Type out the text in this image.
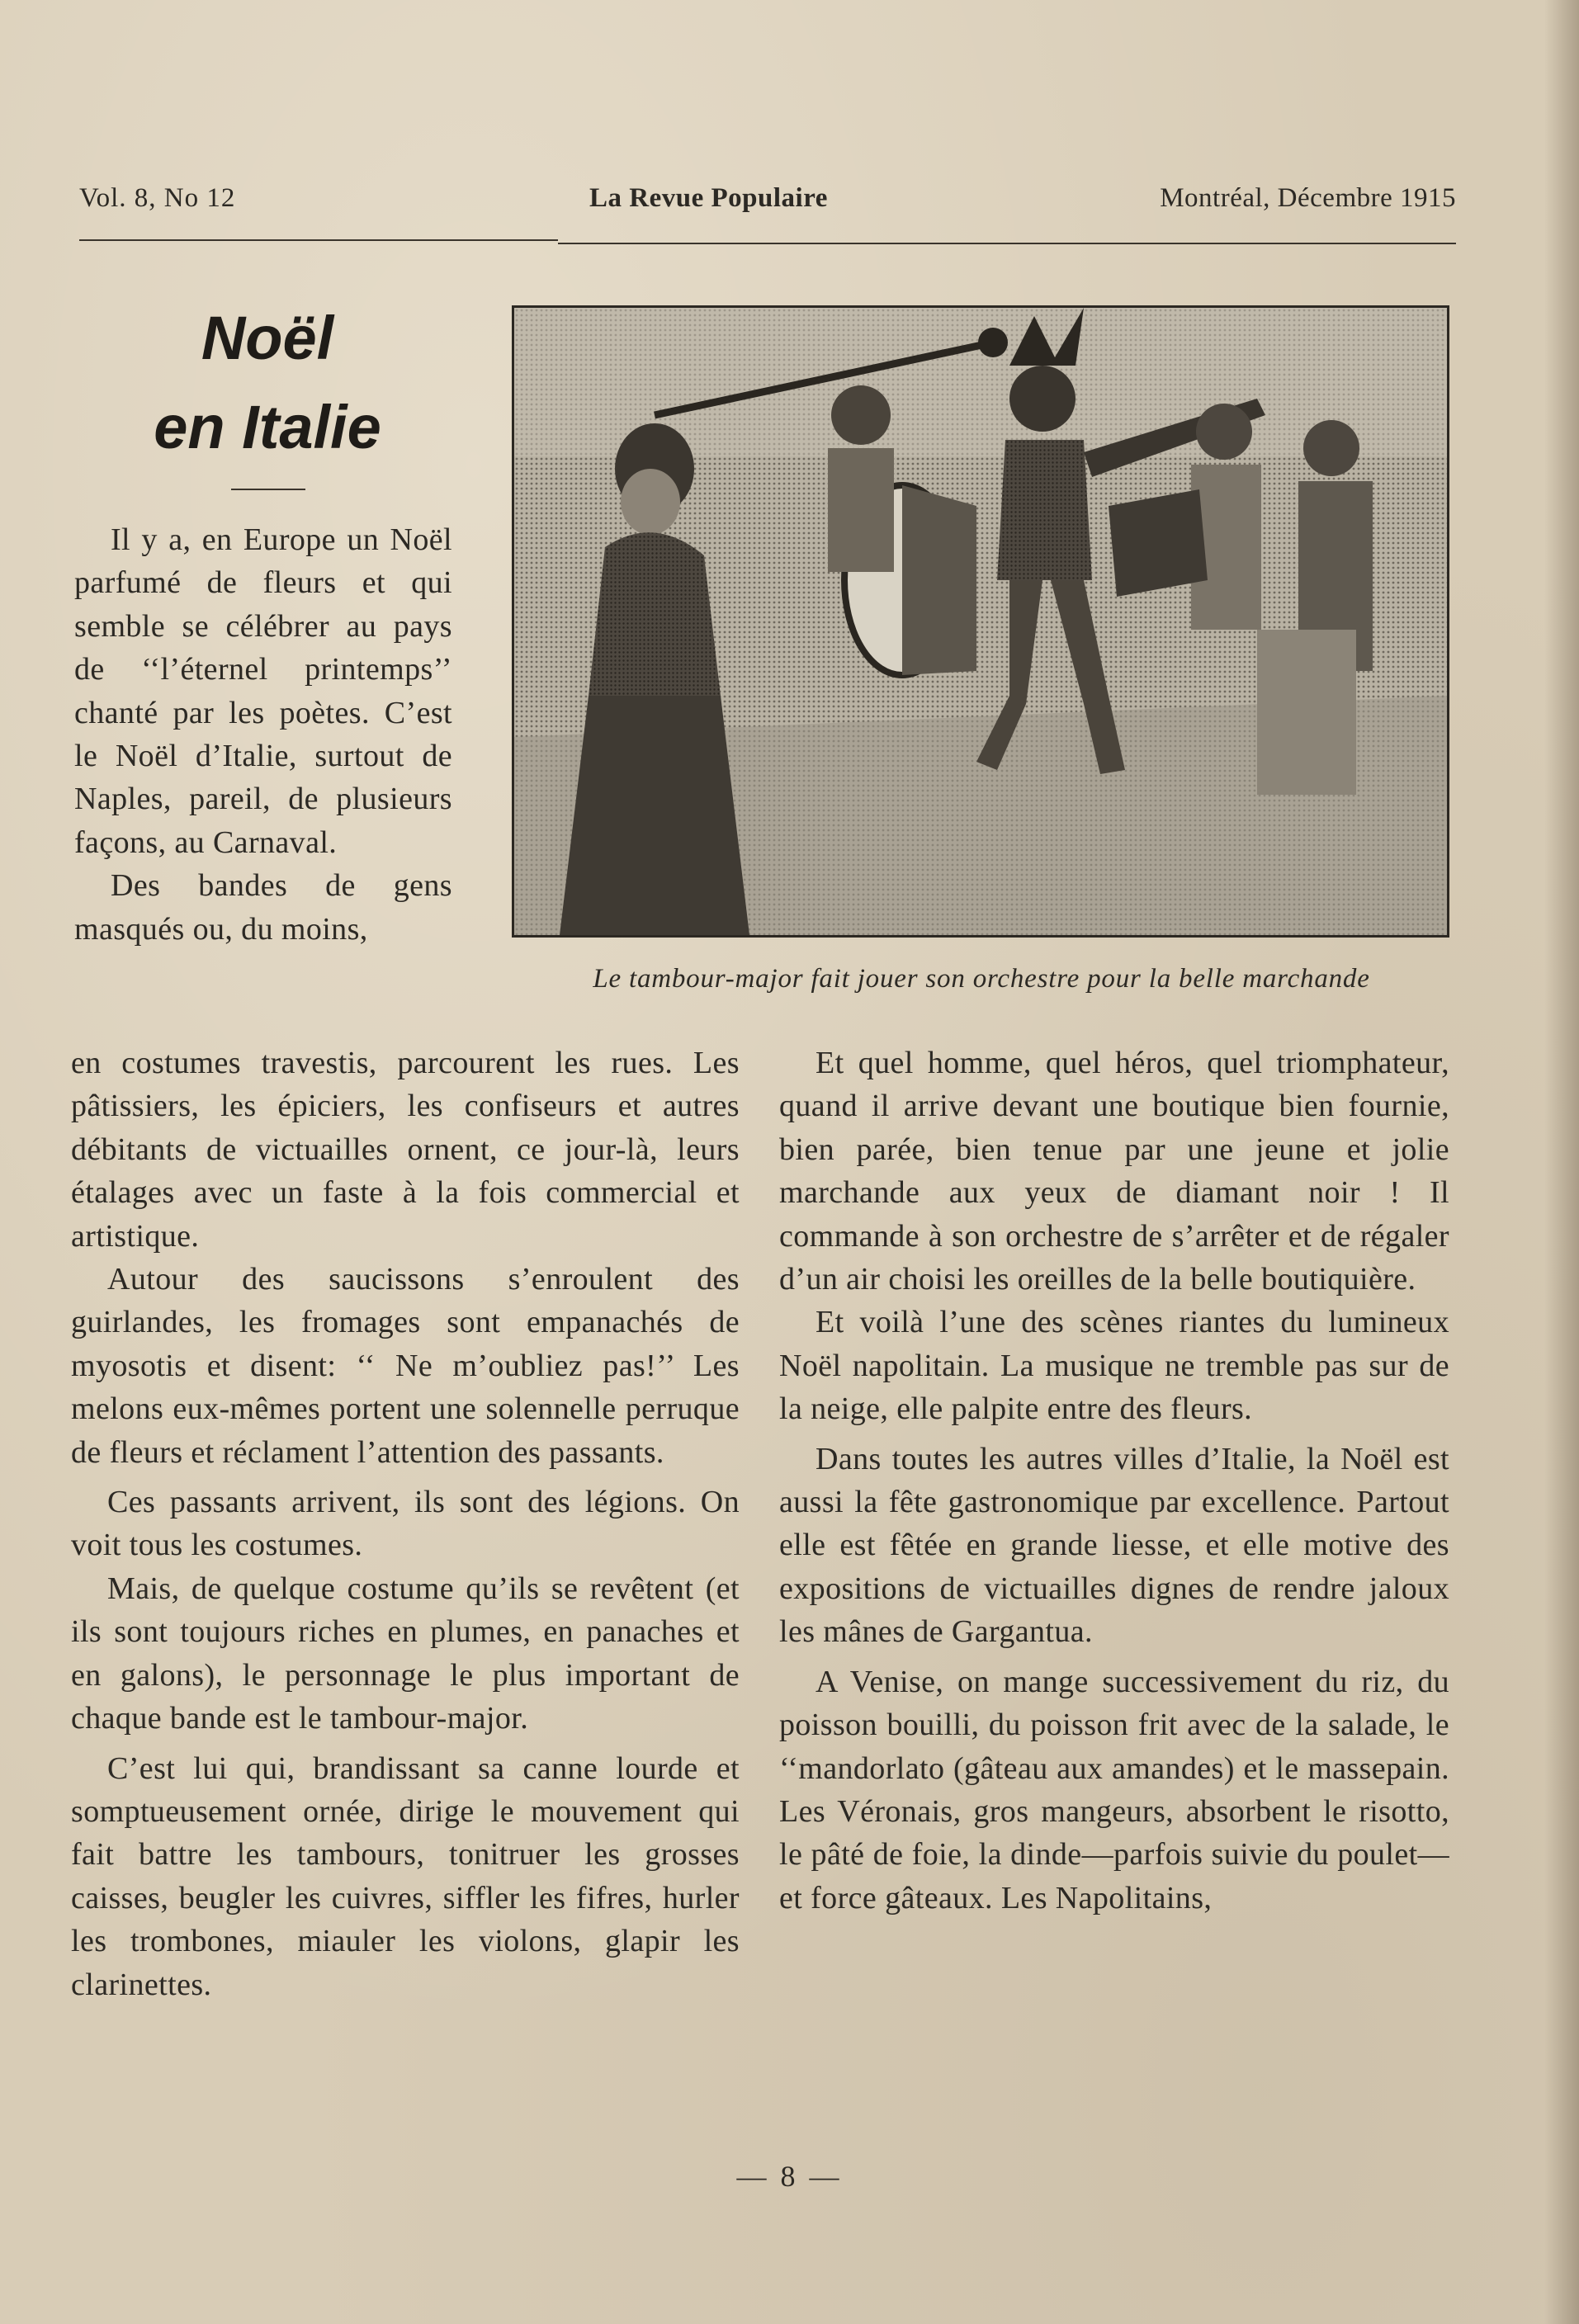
Vol. 8, No 12	La Revue Populaire	Montréal, Décembre 1915
Noël
en Italie
Le tambour-major fait jouer son orchestre pour la belle marchande

Il y a, en Europe un Noël parfumé de fleurs et qui semble se célébrer au pays de ‘‘l’éternel printemps’’ chanté par les poètes. C’est le Noël d’Italie, surtout de Naples, pareil, de plusieurs façons, au Carnaval.

Des bandes de gens masqués ou, du moins,

en costumes travestis, parcourent les rues. Les pâtissiers, les épiciers, les confiseurs et autres débitants de victuailles ornent, ce jour-là, leurs étalages avec un faste à la fois commercial et artistique.

Autour des saucissons s’enroulent des guirlandes, les fromages sont empanachés de myosotis et disent: ‘‘ Ne m’oubliez pas!’’ Les melons eux-mêmes portent une solennelle perruque de fleurs et réclament l’attention des passants.

Ces passants arrivent, ils sont des légions. On voit tous les costumes.

Mais, de quelque costume qu’ils se revêtent (et ils sont toujours riches en plumes, en panaches et en galons), le personnage le plus important de chaque bande est le tambour-major.

C’est lui qui, brandissant sa canne lourde et somptueusement ornée, dirige le mouvement qui fait battre les tambours, tonitruer les grosses caisses, beugler les cuivres, siffler les fifres, hurler les trombones, miauler les violons, glapir les clarinettes.

Et quel homme, quel héros, quel triomphateur, quand il arrive devant une boutique bien fournie, bien parée, bien tenue par une jeune et jolie marchande aux yeux de diamant noir ! Il commande à son orchestre de s’arrêter et de régaler d’un air choisi les oreilles de la belle boutiquière.

Et voilà l’une des scènes riantes du lumineux Noël napolitain. La musique ne tremble pas sur de la neige, elle palpite entre des fleurs.

Dans toutes les autres villes d’Italie, la Noël est aussi la fête gastronomique par excellence. Partout elle est fêtée en grande liesse, et elle motive des expositions de victuailles dignes de rendre jaloux les mânes de Gargantua.

A Venise, on mange successivement du riz, du poisson bouilli, du poisson frit avec de la salade, le ‘‘mandorlato (gâteau aux amandes) et le massepain. Les Véronais, gros mangeurs, absorbent le risotto, le pâté de foie, la dinde—parfois suivie du poulet—et force gâteaux. Les Napolitains,

— 8 —
